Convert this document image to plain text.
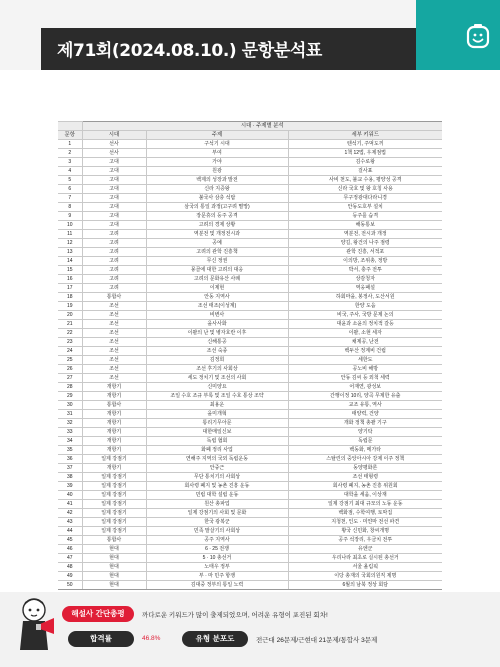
제71회(2024.08.10.) 문항분석표
	시대 · 주제별 분석		
문항	시대	주제	세부 키워드
1	선사	구석기 시대	뗀석기, 주먹도끼
2	선사	부여	1책 12법, 우제점법
3	고대	가야	김수로왕
4	고대	원광	걸사표
5	고대	백제의 성장과 발전	사비 천도, 불교 수용, 평양성 공격
6	고대	신라 지증왕	신라 국호 및 왕 호칭 사용
7	고대	불국사 삼층 석탑	무구정광대다라니경
8	고대	삼국의 통일 과정(고구려 멸망)	안동도호부 설치
9	고대	장문휴의 등주 공격	등주를 습격
10	고대	고려의 경제 상황	해동통보
11	고려	역분전 및 개정전시과	역분전, 전시과 개정
12	고려	공예	양길, 왕건의 나주 점령
13	고려	고려의 관학 진흥책	관학 진흥, 서적포
14	고려	무신 정권	이의방, 조위총, 정방
15	고려	몽골에 대한 고려의 대응	박서, 충주 전투
16	고려	고려의 문화유산 사례	상감청자
17	고려	이제현	역옹패설
18	통합사	안동 지역사	하회마을, 봉정사, 도산서원
19	조선	조선 태조(이성계)	한양 도읍
20	조선	비변사	비국, 주사, 국방 문제 논의
21	조선	을사사화	대윤과 소윤의 정치적 갈등
22	조선	이괄의 난 및 병자호란 이후	이괄, 소현 세자
23	조선	신해통공	채제공, 난전
24	조선	조선 숙종	백두산 정계비 건립
25	조선	김정희	세한도
26	조선	조선 후기의 사회상	공노비 해방
27	조선	세도 정치기 및 조선의 사회	안동 김씨 등 외척 세력
28	개항기	신미양요	어재연, 광성보
29	개항기	조일 수호 조규 부록 및 조일 수호 통상 조약	간행이정 10리, 양곡 무제한 유출
30	통합사	최용운	교조 유통, 역사
31	개항기	을미개혁	태양력, 건양
32	개항기	통리기무아문	개화 정책 총괄 기구
33	개항기	대한매일신보	양기탁
34	개항기	독립 협회	독립문
35	개항기	화폐 정리 사업	백동화, 메가타
36	일제 강점기	연해주 지역의 국외 독립운동	스탈린의 중앙아시아 강제 이주 정책
37	개항기	안중근	동양평화론
38	일제 강점기	무단 통치기의 사회상	조선 태형령
39	일제 강점기	회사령 폐지 및 농촌 진흥 운동	회사령 폐지, 농촌 진흥 위원회
40	일제 강점기	민립 대학 설립 운동	대학을 세움, 이상재
41	일제 강점기	원산 총파업	일제 강점기 최대 규모의 노동 운동
42	일제 강점기	일제 강점기의 사회 및 문화	백화점, 수학여행, 토막집
43	일제 강점기	한국 광복군	지청천, 인도 · 미얀마 전선 파견
44	일제 강점기	민족 말살기의 사회상	황국 신민화, 창씨개명
45	통합사	공주 지역사	공주 석장리, 우금치 전투
46	현대	6 · 25 전쟁	유엔군
47	현대	5 · 10 총선거	우리나라 최초로 실시된 총선거
48	현대	노태우 정부	서울 올림픽
49	현대	부 · 마 민주 항쟁	이당 총재의 국회의원직 제명
50	현대	김대중 정부의 통일 노력	6월의 남북 정상 회담
해설사 간단총평	까다로운 키워드가 많이 출제되었으며, 어려운 유형이 포진된 회차!
합격률	46.8%	유형 분포도	전근대 26문제/근현대 21문제/통합사 3문제
